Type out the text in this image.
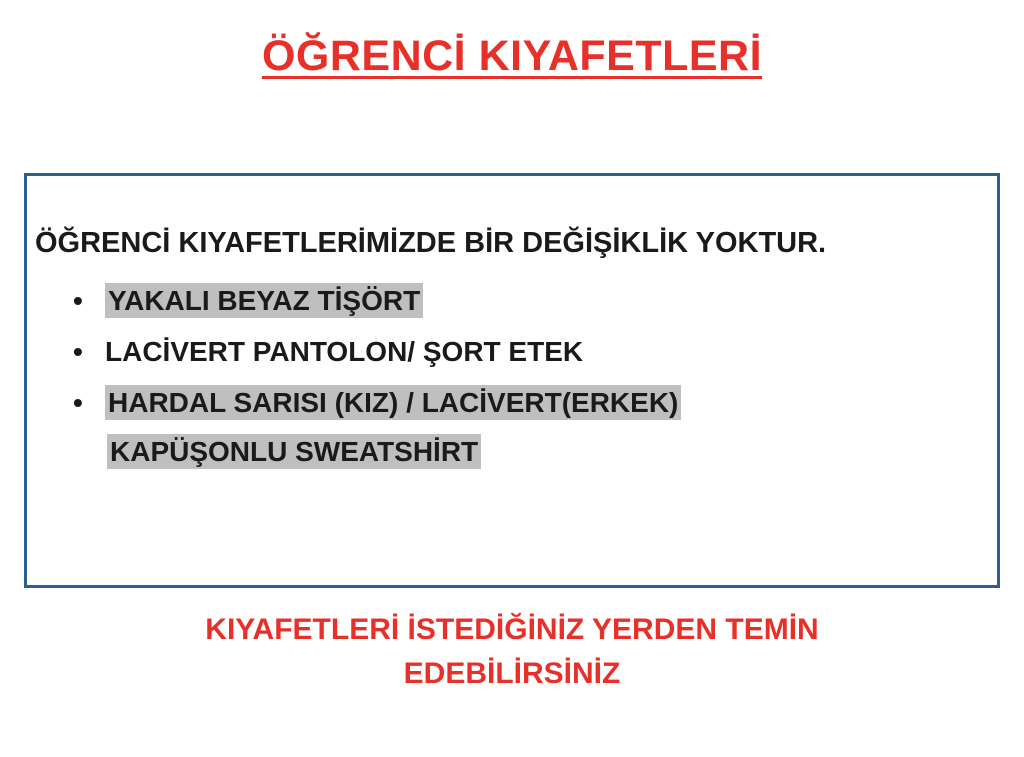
ÖĞRENCİ KIYAFETLERİ

ÖĞRENCİ KIYAFETLERİMİZDE BİR DEĞİŞİKLİK YOKTUR.

• YAKALI BEYAZ TİŞÖRT
• LACİVERT PANTOLON/ ŞORT ETEK
• HARDAL SARISI (KIZ) / LACİVERT(ERKEK)
KAPÜŞONLU SWEATSHİRT
KIYAFETLERİ İSTEDİĞİNİZ YERDEN TEMİN
EDEBİLİRSİNİZ
